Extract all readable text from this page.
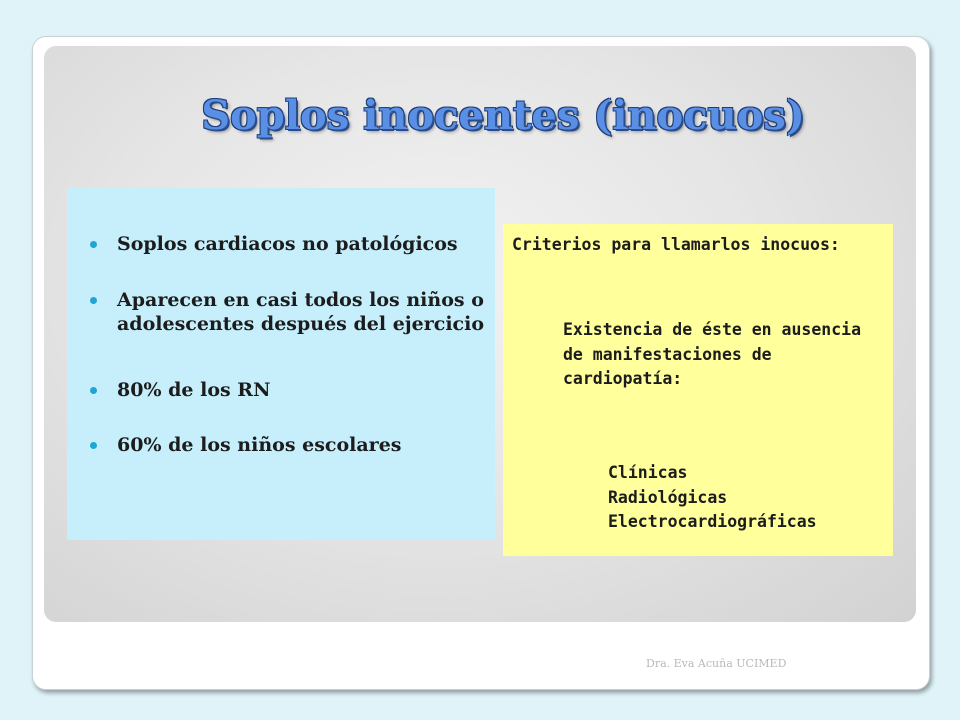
Soplos inocentes (inocuos)
Soplos cardiacos no patológicos
Aparecen en casi todos los niños o adolescentes después del ejercicio
80% de los RN
60% de los niños escolares

Criterios para llamarlos inocuos:

Existencia de éste en ausencia de manifestaciones de cardiopatía:

Clínicas
Radiológicas
Electrocardiográficas
Dra. Eva Acuña UCIMED
